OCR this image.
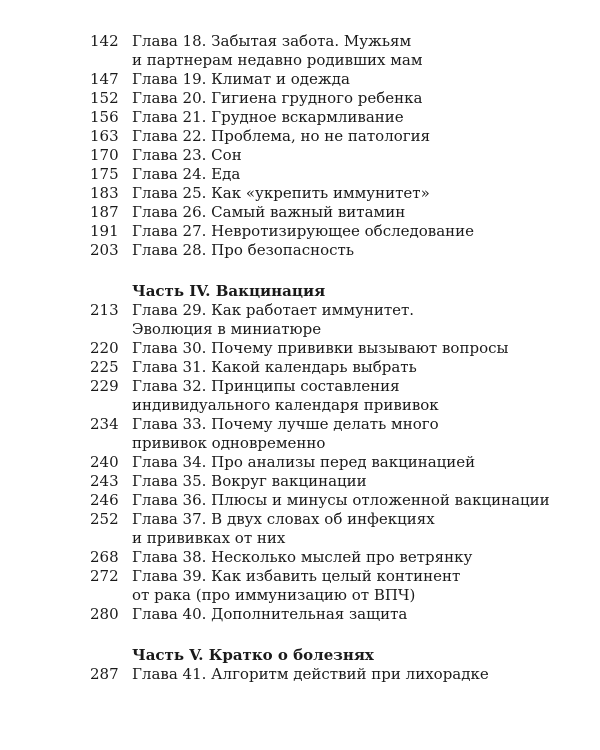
142 Глава 18. Забытая забота. Мужьям
и партнерам недавно родивших мам
147 Глава 19. Климат и одежда
152 Глава 20. Гигиена грудного ребенка
156 Глава 21. Грудное вскармливание
163 Глава 22. Проблема, но не патология
170 Глава 23. Сон
175 Глава 24. Еда
183 Глава 25. Как «укрепить иммунитет»
187 Глава 26. Самый важный витамин
191 Глава 27. Невротизирующее обследование
203 Глава 28. Про безопасность
Часть IV. Вакцинация
213 Глава 29. Как работает иммунитет.
Эволюция в миниатюре
220 Глава 30. Почему прививки вызывают вопросы
225 Глава 31. Какой календарь выбрать
229 Глава 32. Принципы составления
индивидуального календаря прививок
234 Глава 33. Почему лучше делать много
прививок одновременно
240 Глава 34. Про анализы перед вакцинацией
243 Глава 35. Вокруг вакцинации
246 Глава 36. Плюсы и минусы отложенной вакцинации
252 Глава 37. В двух словах об инфекциях
и прививках от них
268 Глава 38. Несколько мыслей про ветрянку
272 Глава 39. Как избавить целый континент
от рака (про иммунизацию от ВПЧ)
280 Глава 40. Дополнительная защита
Часть V. Кратко о болезнях
287 Глава 41. Алгоритм действий при лихорадке
